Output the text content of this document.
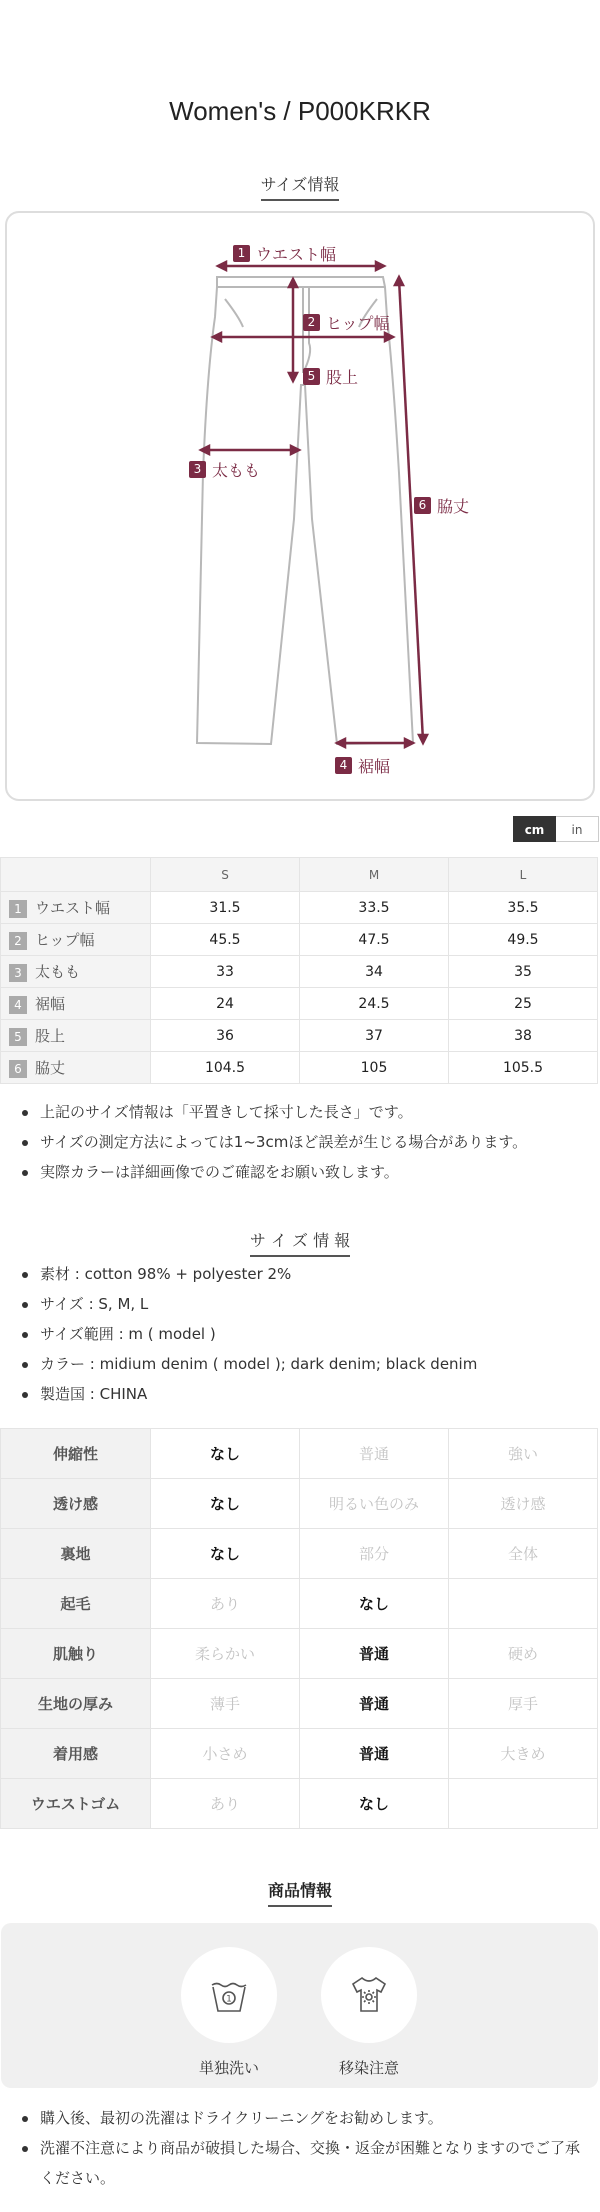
Women's / P000KRKR
サイズ情報
1 ウエスト幅
2 ヒップ幅
3 太もも
4 裾幅
5 股上
6 脇丈
cm	in
	S	M	L
1 ウエスト幅	31.5	33.5	35.5
2 ヒップ幅	45.5	47.5	49.5
3 太もも	33	34	35
4 裾幅	24	24.5	25
5 股上	36	37	38
6 脇丈	104.5	105	105.5
上記のサイズ情報は「平置きして採寸した長さ」です。
サイズの測定方法によっては1~3cmほど誤差が生じる場合があります。
実際カラーは詳細画像でのご確認をお願い致します。
サ イ ズ 情 報
素材 : cotton 98% + polyester 2%
サイズ : S, M, L
サイズ範囲 : m ( model )
カラー : midium denim ( model ); dark denim; black denim
製造国 : CHINA
伸縮性	なし	普通	強い
透け感	なし	明るい色のみ	透け感
裏地	なし	部分	全体
起毛	あり	なし	
肌触り	柔らかい	普通	硬め
生地の厚み	薄手	普通	厚手
着用感	小さめ	普通	大きめ
ウエストゴム	あり	なし	
商品情報
1
単独洗い	移染注意
購入後、最初の洗濯はドライクリーニングをお勧めします。
洗濯不注意により商品が破損した場合、交換・返金が困難となりますのでご了承ください。
